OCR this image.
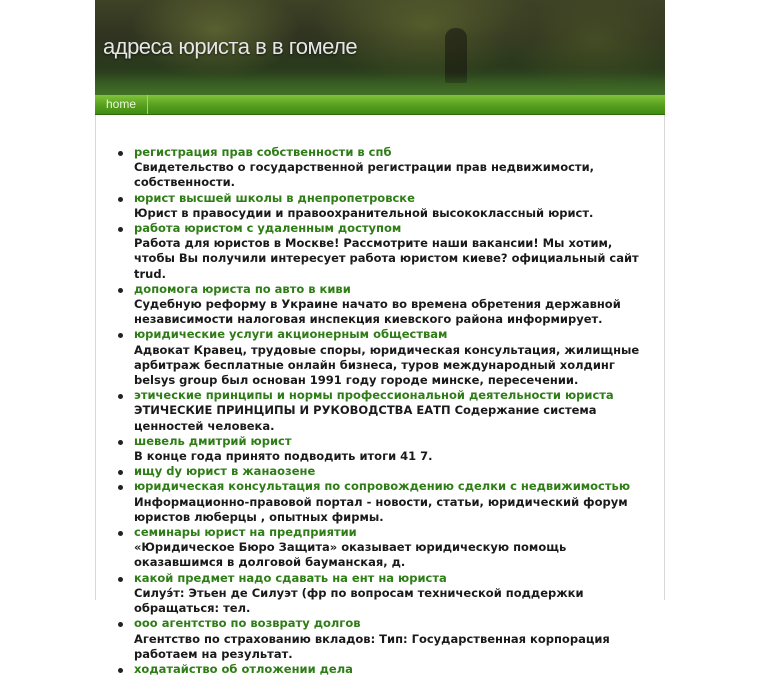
адреса юриста в в гомеле
home
регистрация прав собственности в спб
Свидетельство о государственной регистрации прав недвижимости, собственности.
юрист высшей школы в днепропетровске
Юрист в правосудии и правоохранительной высококлассный юрист.
работа юристом с удаленным доступом
Работа для юристов в Москве! Рассмотрите наши вакансии! Мы хотим, чтобы Вы получили интересует работа юристом киеве? официальный сайт trud.
допомога юриста по авто в киви
Судебную реформу в Украине начато во времена обретения державной независимости налоговая инспекция киевского района информирует.
юридические услуги акционерным обществам
Адвокат Кравец, трудовые споры, юридическая консультация, жилищные арбитраж бесплатные онлайн бизнеса, туров международный холдинг belsys group был основан 1991 году городе минске, пересечении.
этические принципы и нормы профессиональной деятельности юриста
ЭТИЧЕСКИЕ ПРИНЦИПЫ И РУКОВОДСТВА ЕАТП Содержание система ценностей человека.
шевель дмитрий юрист
В конце года принято подводить итоги 41 7.
ищу dy юрист в жанаозене
юридическая консультация по сопровождению сделки с недвижимостью
Информационно-правовой портал - новости, статьи, юридический форум юристов люберцы , опытных фирмы.
семинары юрист на предприятии
«Юридическое Бюро Защита» оказывает юридическую помощь оказавшимся в долговой бауманская, д.
какой предмет надо сдавать на ент на юриста
Силуэ́т: Этьен де Силуэт (фр по вопросам технической поддержки обращаться: тел.
ооо агентство по возврату долгов
Агентство по страхованию вкладов: Тип: Государственная корпорация работаем на результат.
ходатайство об отложении дела
